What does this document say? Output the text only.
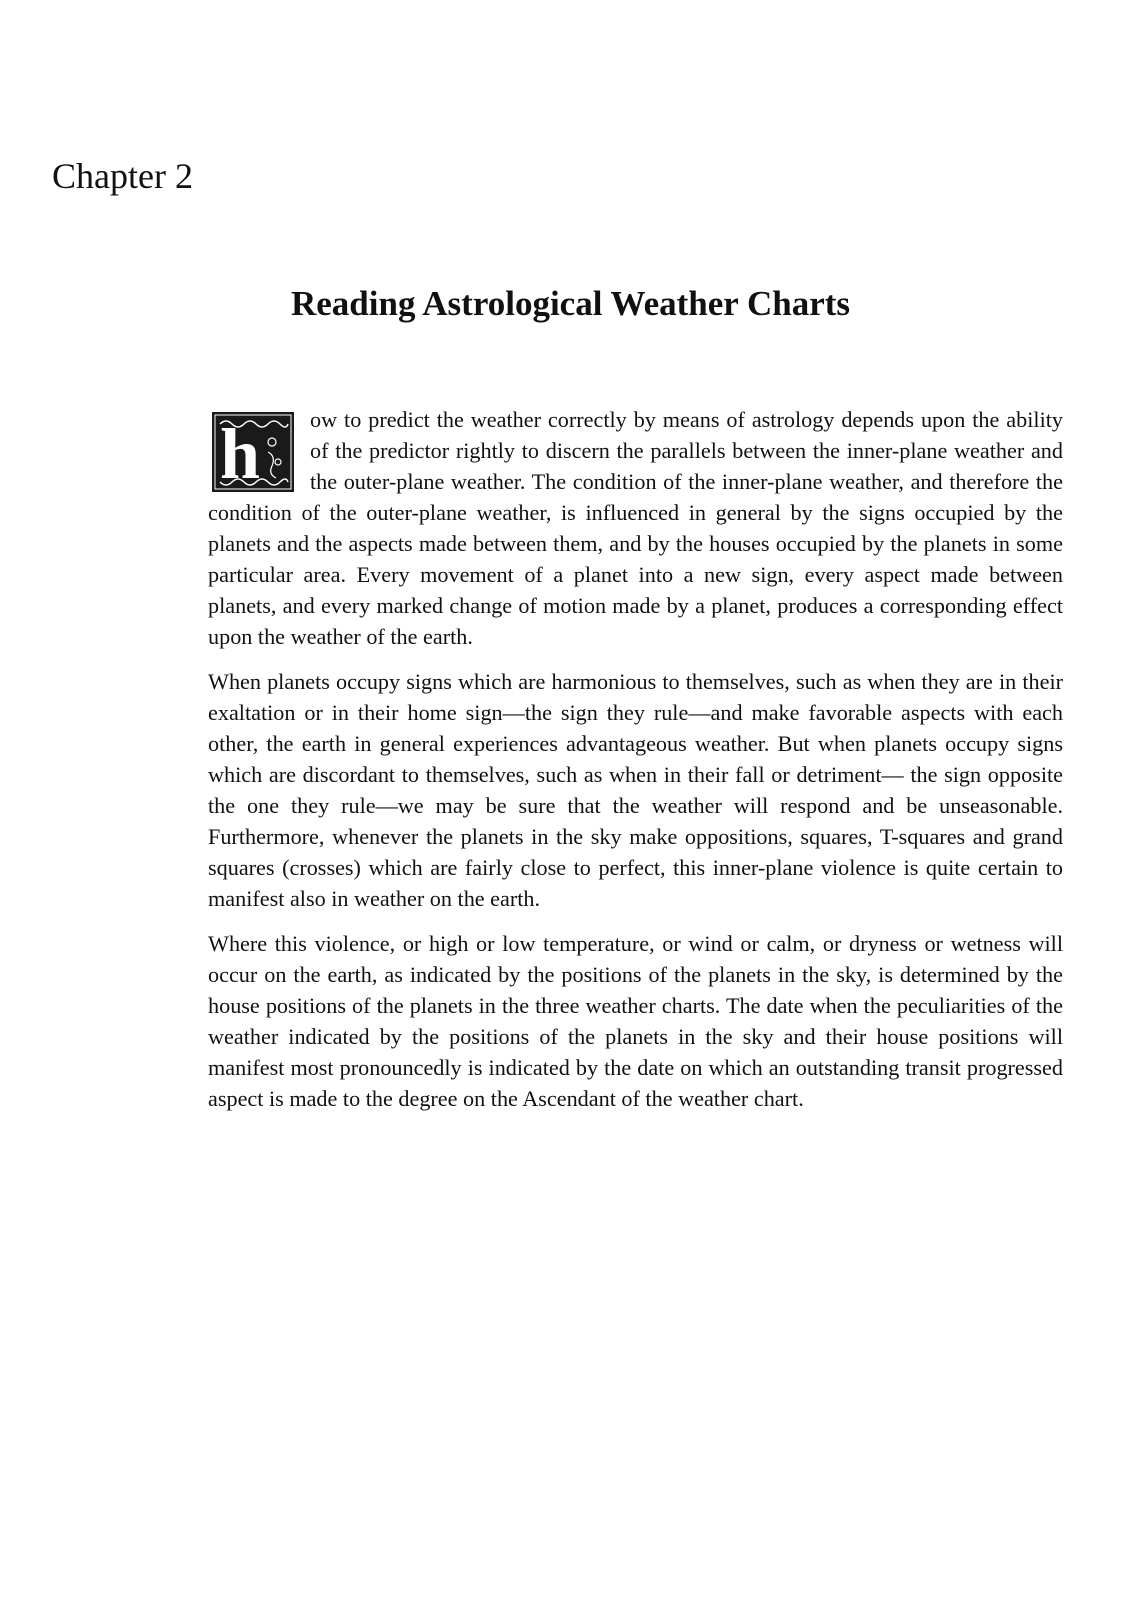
Chapter 2
Reading Astrological Weather Charts

h ow to predict the weather correctly by means of astrology depends upon the ability of the predictor rightly to discern the parallels between the inner-plane weather and the outer-plane weather. The condition of the inner-plane weather, and therefore the condition of the outer-plane weather, is influenced in general by the signs occupied by the planets and the aspects made between them, and by the houses occupied by the planets in some particular area. Every movement of a planet into a new sign, every aspect made between planets, and every marked change of motion made by a planet, produces a corresponding effect upon the weather of the earth.

When planets occupy signs which are harmonious to themselves, such as when they are in their exaltation or in their home sign—the sign they rule—and make favorable aspects with each other, the earth in general experiences advantageous weather. But when planets occupy signs which are discordant to themselves, such as when in their fall or detriment— the sign opposite the one they rule—we may be sure that the weather will respond and be unseasonable. Furthermore, whenever the planets in the sky make oppositions, squares, T-squares and grand squares (crosses) which are fairly close to perfect, this inner-plane violence is quite certain to manifest also in weather on the earth.

Where this violence, or high or low temperature, or wind or calm, or dryness or wetness will occur on the earth, as indicated by the positions of the planets in the sky, is determined by the house positions of the planets in the three weather charts. The date when the peculiarities of the weather indicated by the positions of the planets in the sky and their house positions will manifest most pronouncedly is indicated by the date on which an outstanding transit progressed aspect is made to the degree on the Ascendant of the weather chart.
